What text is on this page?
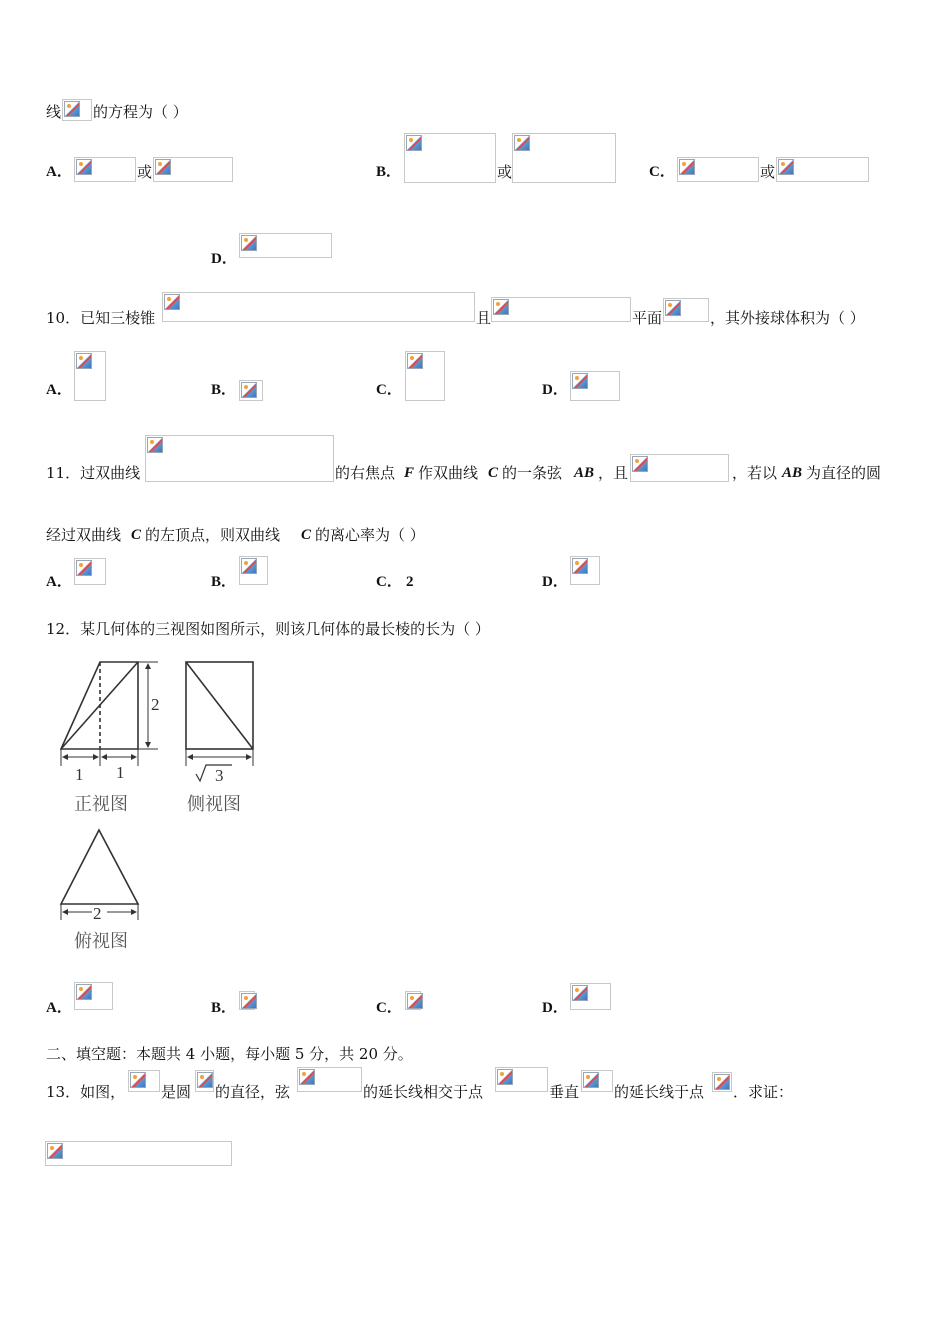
线 的方程为（ ）
A．	或	B．	或	C．	或
D．
10．已知三棱锥	且	平面	，其外接球体积为（ ）
A．	B．	C．	D．
11．过双曲线	的右焦点 F 作双曲线 C 的一条弦 AB ，且	，若以 AB 为直径的圆
经过双曲线 C 的左顶点，则双曲线 C 的离心率为（ ）
A．	B．	C． 2	D．
12．某几何体的三视图如图所示，则该几何体的最长棱的长为（ ）
2
1 1
正视图
3
侧视图
2
俯视图
A．	B．	C．	D．
二、填空题：本题共 4 小题，每小题 5 分，共 20 分。
13．如图， 是圆 的直径，弦	的延长线相交于点	垂直 的延长线于点 ．求证：
